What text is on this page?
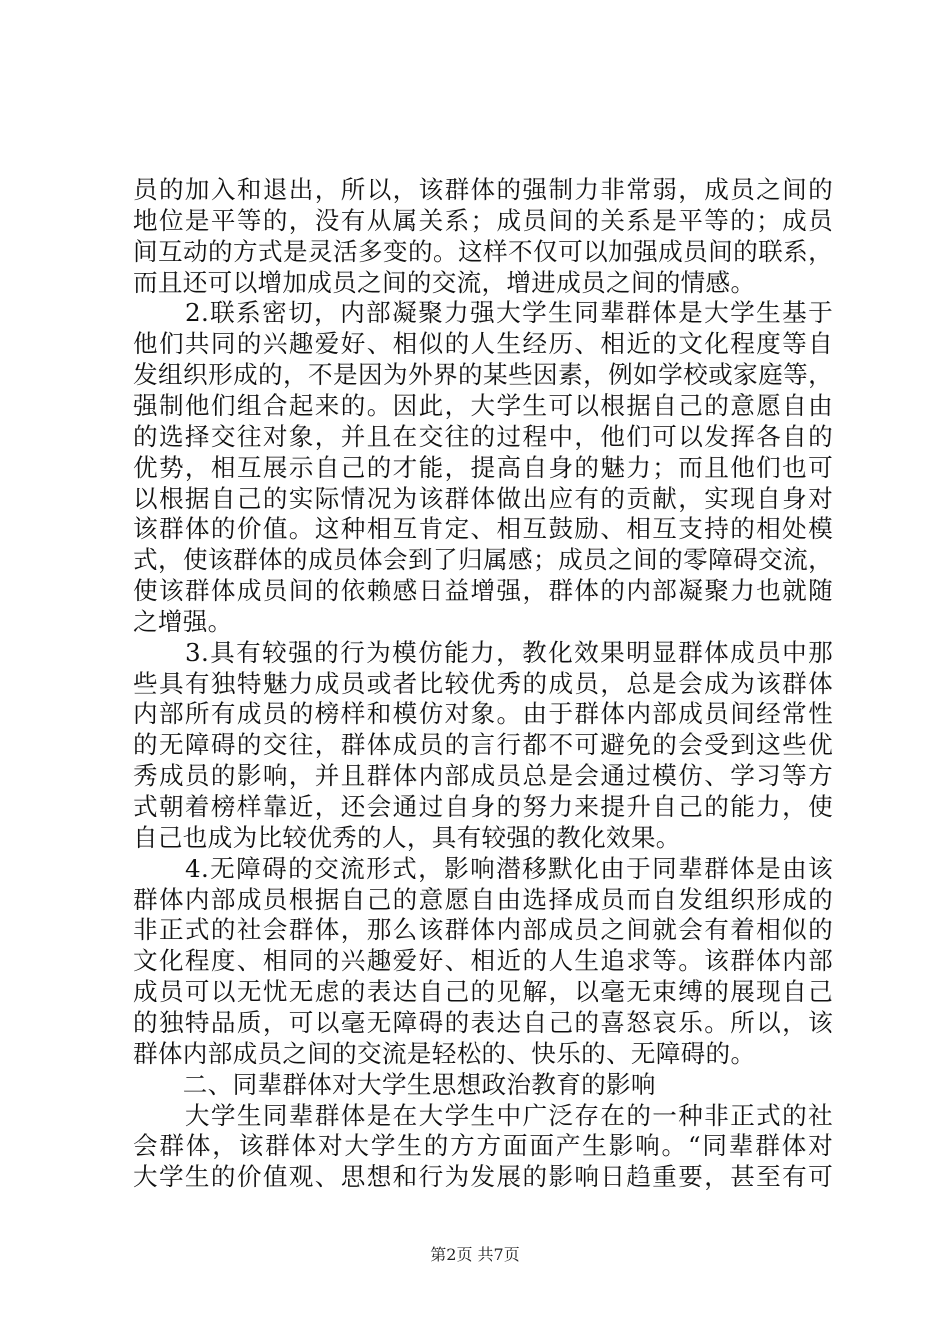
员的加入和退出，所以，该群体的强制力非常弱，成员之间的
地位是平等的，没有从属关系；成员间的关系是平等的；成员
间互动的方式是灵活多变的。这样不仅可以加强成员间的联系，
而且还可以增加成员之间的交流，增进成员之间的情感。
　　2.联系密切，内部凝聚力强大学生同辈群体是大学生基于
他们共同的兴趣爱好、相似的人生经历、相近的文化程度等自
发组织形成的，不是因为外界的某些因素，例如学校或家庭等，
强制他们组合起来的。因此，大学生可以根据自己的意愿自由
的选择交往对象，并且在交往的过程中，他们可以发挥各自的
优势，相互展示自己的才能，提高自身的魅力；而且他们也可
以根据自己的实际情况为该群体做出应有的贡献，实现自身对
该群体的价值。这种相互肯定、相互鼓励、相互支持的相处模
式，使该群体的成员体会到了归属感；成员之间的零障碍交流，
使该群体成员间的依赖感日益增强，群体的内部凝聚力也就随
之增强。
　　3.具有较强的行为模仿能力，教化效果明显群体成员中那
些具有独特魅力成员或者比较优秀的成员，总是会成为该群体
内部所有成员的榜样和模仿对象。由于群体内部成员间经常性
的无障碍的交往，群体成员的言行都不可避免的会受到这些优
秀成员的影响，并且群体内部成员总是会通过模仿、学习等方
式朝着榜样靠近，还会通过自身的努力来提升自己的能力，使
自己也成为比较优秀的人，具有较强的教化效果。
　　4.无障碍的交流形式，影响潜移默化由于同辈群体是由该
群体内部成员根据自己的意愿自由选择成员而自发组织形成的
非正式的社会群体，那么该群体内部成员之间就会有着相似的
文化程度、相同的兴趣爱好、相近的人生追求等。该群体内部
成员可以无忧无虑的表达自己的见解，以毫无束缚的展现自己
的独特品质，可以毫无障碍的表达自己的喜怒哀乐。所以，该
群体内部成员之间的交流是轻松的、快乐的、无障碍的。
　　二、同辈群体对大学生思想政治教育的影响
　　大学生同辈群体是在大学生中广泛存在的一种非正式的社
会群体，该群体对大学生的方方面面产生影响。“同辈群体对
大学生的价值观、思想和行为发展的影响日趋重要，甚至有可
第2页 共7页
